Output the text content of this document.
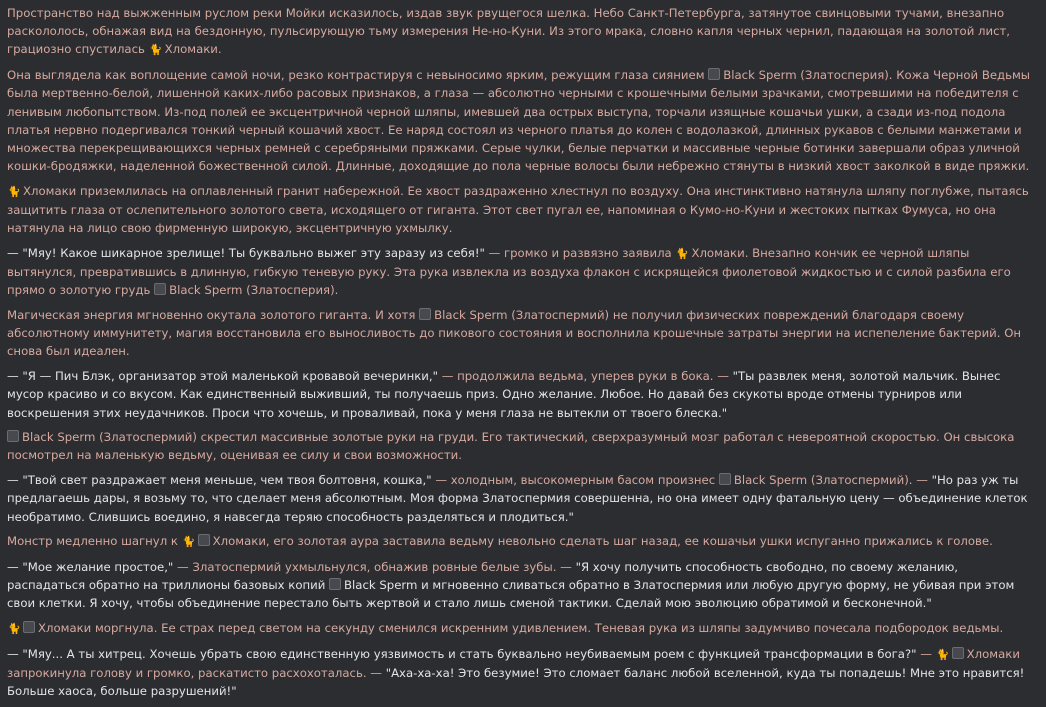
Пространство над выжженным руслом реки Мойки исказилось, издав звук рвущегося шелка. Небо Санкт-Петербурга, затянутое свинцовыми тучами, внезапно раскололось, обнажая вид на бездонную, пульсирующую тьму измерения Не-но-Куни. Из этого мрака, словно капля черных чернил, падающая на золотой лист, грациозно спустилась 🐈 Хломаки.

Она выглядела как воплощение самой ночи, резко контрастируя с невыносимо ярким, режущим глаза сиянием Black Sperm (Златосперия). Кожа Черной Ведьмы была мертвенно-белой, лишенной каких-либо расовых признаков, а глаза — абсолютно черными с крошечными белыми зрачками, смотревшими на победителя с ленивым любопытством. Из-под полей ее эксцентричной черной шляпы, имевшей два острых выступа, торчали изящные кошачьи ушки, а сзади из-под подола платья нервно подергивался тонкий черный кошачий хвост. Ее наряд состоял из черного платья до колен с водолазкой, длинных рукавов с белыми манжетами и множества перекрещивающихся черных ремней с серебряными пряжками. Серые чулки, белые перчатки и массивные черные ботинки завершали образ уличной кошки-бродяжки, наделенной божественной силой. Длинные, доходящие до пола черные волосы были небрежно стянуты в низкий хвост заколкой в виде пряжки.

🐈 Хломаки приземлилась на оплавленный гранит набережной. Ее хвост раздраженно хлестнул по воздуху. Она инстинктивно натянула шляпу поглубже, пытаясь защитить глаза от ослепительного золотого света, исходящего от гиганта. Этот свет пугал ее, напоминая о Кумо-но-Куни и жестоких пытках Фумуса, но она натянула на лицо свою фирменную широкую, эксцентричную ухмылку.

— "Мяу! Какое шикарное зрелище! Ты буквально выжег эту заразу из себя!" — громко и развязно заявила 🐈 Хломаки. Внезапно кончик ее черной шляпы вытянулся, превратившись в длинную, гибкую теневую руку. Эта рука извлекла из воздуха флакон с искрящейся фиолетовой жидкостью и с силой разбила его прямо о золотую грудь Black Sperm (Златосперия).

Магическая энергия мгновенно окутала золотого гиганта. И хотя Black Sperm (Златоспермий) не получил физических повреждений благодаря своему абсолютному иммунитету, магия восстановила его выносливость до пикового состояния и восполнила крошечные затраты энергии на испепеление бактерий. Он снова был идеален.

— "Я — Пич Блэк, организатор этой маленькой кровавой вечеринки," — продолжила ведьма, уперев руки в бока. — "Ты развлек меня, золотой мальчик. Вынес мусор красиво и со вкусом. Как единственный выживший, ты получаешь приз. Одно желание. Любое. Но давай без скукоты вроде отмены турниров или воскрешения этих неудачников. Проси что хочешь, и проваливай, пока у меня глаза не вытекли от твоего блеска."

Black Sperm (Златоспермий) скрестил массивные золотые руки на груди. Его тактический, сверхразумный мозг работал с невероятной скоростью. Он свысока посмотрел на маленькую ведьму, оценивая ее силу и свои возможности.

— "Твой свет раздражает меня меньше, чем твоя болтовня, кошка," — холодным, высокомерным басом произнес Black Sperm (Златоспермий). — "Но раз уж ты предлагаешь дары, я возьму то, что сделает меня абсолютным. Моя форма Златоспермия совершенна, но она имеет одну фатальную цену — объединение клеток необратимо. Слившись воедино, я навсегда теряю способность разделяться и плодиться."

Монстр медленно шагнул к 🐈 Хломаки, его золотая аура заставила ведьму невольно сделать шаг назад, ее кошачьи ушки испуганно прижались к голове.

— "Мое желание простое," — Златоспермий ухмыльнулся, обнажив ровные белые зубы. — "Я хочу получить способность свободно, по своему желанию, распадаться обратно на триллионы базовых копий Black Sperm и мгновенно сливаться обратно в Златоспермия или любую другую форму, не убивая при этом свои клетки. Я хочу, чтобы объединение перестало быть жертвой и стало лишь сменой тактики. Сделай мою эволюцию обратимой и бесконечной."

🐈 Хломаки моргнула. Ее страх перед светом на секунду сменился искренним удивлением. Теневая рука из шляпы задумчиво почесала подбородок ведьмы.

— "Мяу... А ты хитрец. Хочешь убрать свою единственную уязвимость и стать буквально неубиваемым роем с функцией трансформации в бога?" — 🐈 Хломаки запрокинула голову и громко, раскатисто расхохоталась. — "Аха-ха-ха! Это безумие! Это сломает баланс любой вселенной, куда ты попадешь! Мне это нравится! Больше хаоса, больше разрушений!"
